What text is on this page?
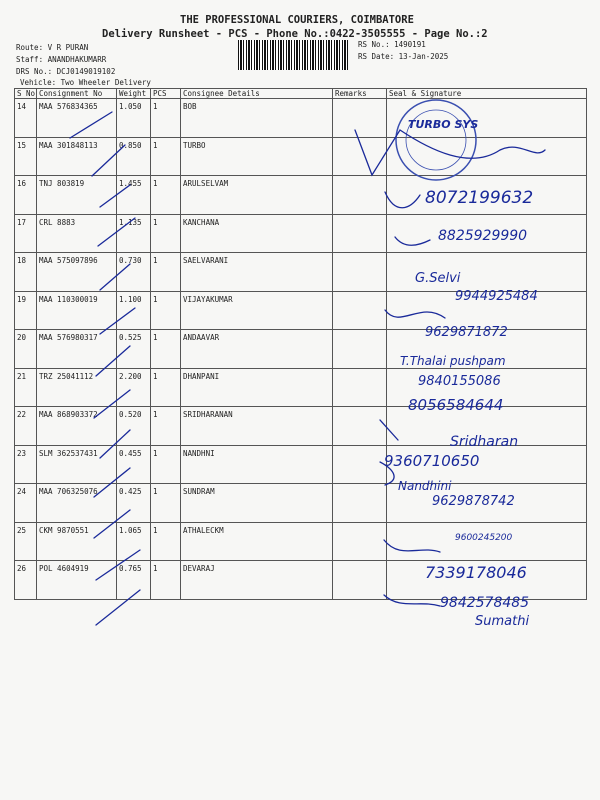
THE PROFESSIONAL COURIERS, COIMBATORE
Delivery Runsheet - PCS - Phone No.:0422-3505555 - Page No.:2
Route: V R PURAN
Staff: ANANDHAKUMARR
DRS No.: DCJ0149019102
Vehicle: Two Wheeler Delivery
RS No.: 1490191
RS Date: 13-Jan-2025
S No	Consignment No	Weight	PCS	Consignee Details	Remarks	Seal & Signature
14	MAA 576834365	1.050	1	BOB		
15	MAA 301848113	0.850	1	TURBO		
16	TNJ 803819	1.455	1	ARULSELVAM		
17	CRL 8883	1.135	1	KANCHANA		
18	MAA 575097896	0.730	1	SAELVARANI		
19	MAA 110300019	1.100	1	VIJAYAKUMAR		
20	MAA 576980317	0.525	1	ANDAAVAR		
21	TRZ 25041112	2.200	1	DHANPANI		
22	MAA 868903372	0.520	1	SRIDHARANAN		
23	SLM 362537431	0.455	1	NANDHNI		
24	MAA 706325076	0.425	1	SUNDRAM		
25	CKM 9870551	1.065	1	ATHALECKM		
26	POL 4604919	0.765	1	DEVARAJ		
TURBO SYS
8072199632
8825929990
G.Selvi
9944925484
9629871872
T.Thalai pushpam
9840155086
8056584644
Sridharan
9360710650
Nandhini
9629878742
9600245200
7339178046
9842578485
Sumathi
